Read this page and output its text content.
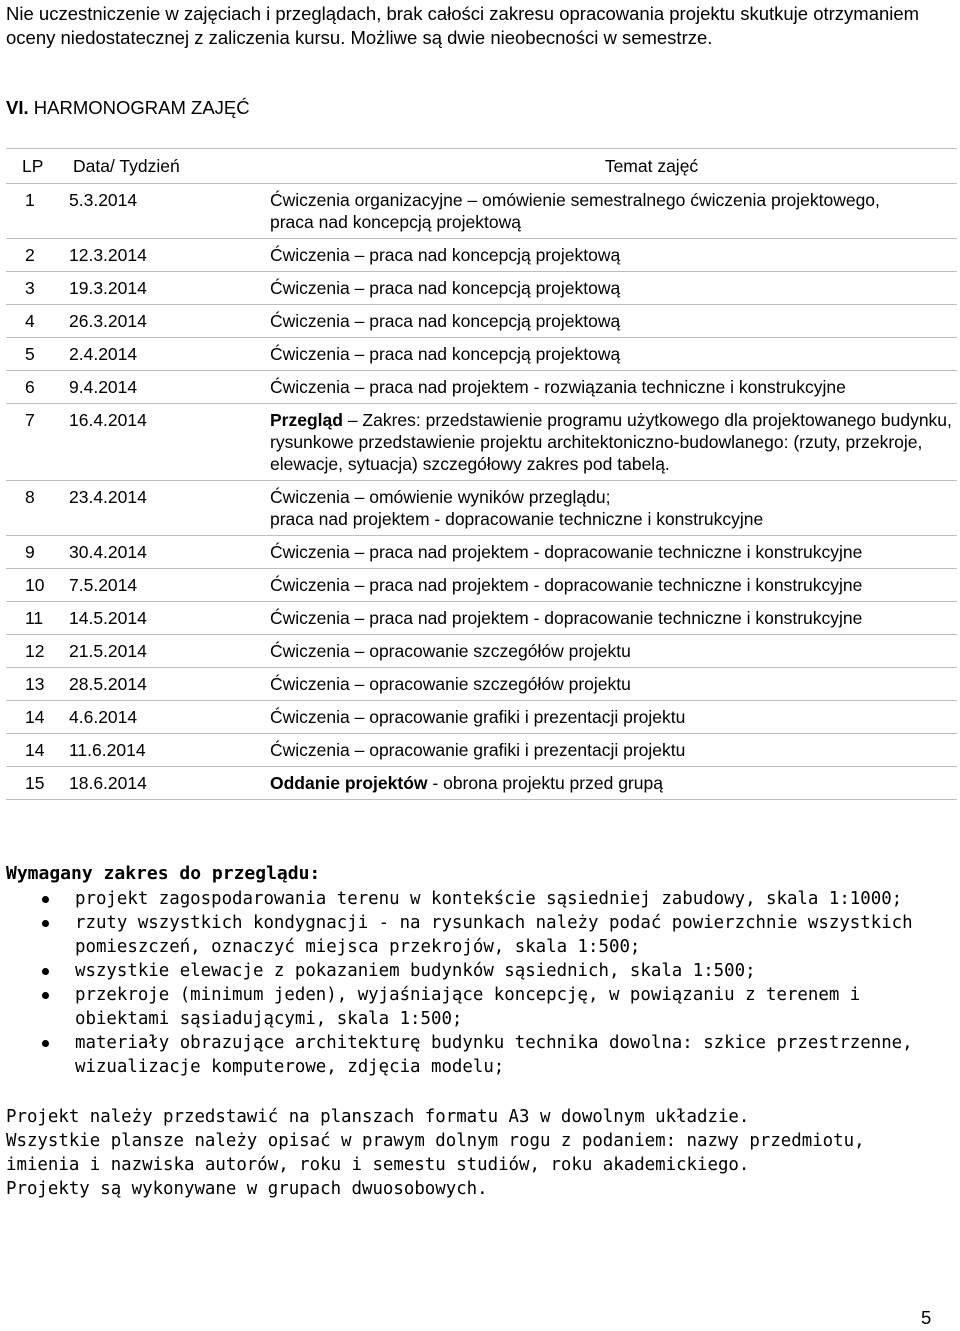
Nie uczestniczenie w zajęciach i przeglądach, brak całości zakresu opracowania projektu skutkuje otrzymaniem oceny niedostatecznej z zaliczenia kursu. Możliwe są dwie nieobecności w semestrze.
VI. HARMONOGRAM ZAJĘĆ
LP	Data/ Tydzień	Temat zajęć
1	5.3.2014	Ćwiczenia organizacyjne – omówienie semestralnego ćwiczenia projektowego,
praca nad koncepcją projektową
2	12.3.2014	Ćwiczenia – praca nad koncepcją projektową
3	19.3.2014	Ćwiczenia – praca nad koncepcją projektową
4	26.3.2014	Ćwiczenia – praca nad koncepcją projektową
5	2.4.2014	Ćwiczenia – praca nad koncepcją projektową
6	9.4.2014	Ćwiczenia – praca nad projektem - rozwiązania techniczne i konstrukcyjne
7	16.4.2014	Przegląd – Zakres: przedstawienie programu użytkowego dla projektowanego budynku, rysunkowe przedstawienie projektu architektoniczno-budowlanego: (rzuty, przekroje, elewacje, sytuacja) szczegółowy zakres pod tabelą.
8	23.4.2014	Ćwiczenia – omówienie wyników przeglądu;
praca nad projektem - dopracowanie techniczne i konstrukcyjne
9	30.4.2014	Ćwiczenia – praca nad projektem - dopracowanie techniczne i konstrukcyjne
10	7.5.2014	Ćwiczenia – praca nad projektem - dopracowanie techniczne i konstrukcyjne
11	14.5.2014	Ćwiczenia – praca nad projektem - dopracowanie techniczne i konstrukcyjne
12	21.5.2014	Ćwiczenia – opracowanie szczegółów projektu
13	28.5.2014	Ćwiczenia – opracowanie szczegółów projektu
14	4.6.2014	Ćwiczenia – opracowanie grafiki i prezentacji projektu
14	11.6.2014	Ćwiczenia – opracowanie grafiki i prezentacji projektu
15	18.6.2014	Oddanie projektów - obrona projektu przed grupą
Wymagany zakres do przeglądu:
projekt zagospodarowania terenu w kontekście sąsiedniej zabudowy, skala 1:1000;
rzuty wszystkich kondygnacji - na rysunkach należy podać powierzchnie wszystkich pomieszczeń, oznaczyć miejsca przekrojów, skala 1:500;
wszystkie elewacje z pokazaniem budynków sąsiednich, skala 1:500;
przekroje (minimum jeden), wyjaśniające koncepcję, w powiązaniu z terenem i obiektami sąsiadującymi, skala 1:500;
materiały obrazujące architekturę budynku technika dowolna: szkice przestrzenne, wizualizacje komputerowe, zdjęcia modelu;

Projekt należy przedstawić na planszach formatu A3 w dowolnym układzie.

Wszystkie plansze należy opisać w prawym dolnym rogu z podaniem: nazwy przedmiotu, imienia i nazwiska autorów, roku i semestu studiów, roku akademickiego.

Projekty są wykonywane w grupach dwuosobowych.

5
